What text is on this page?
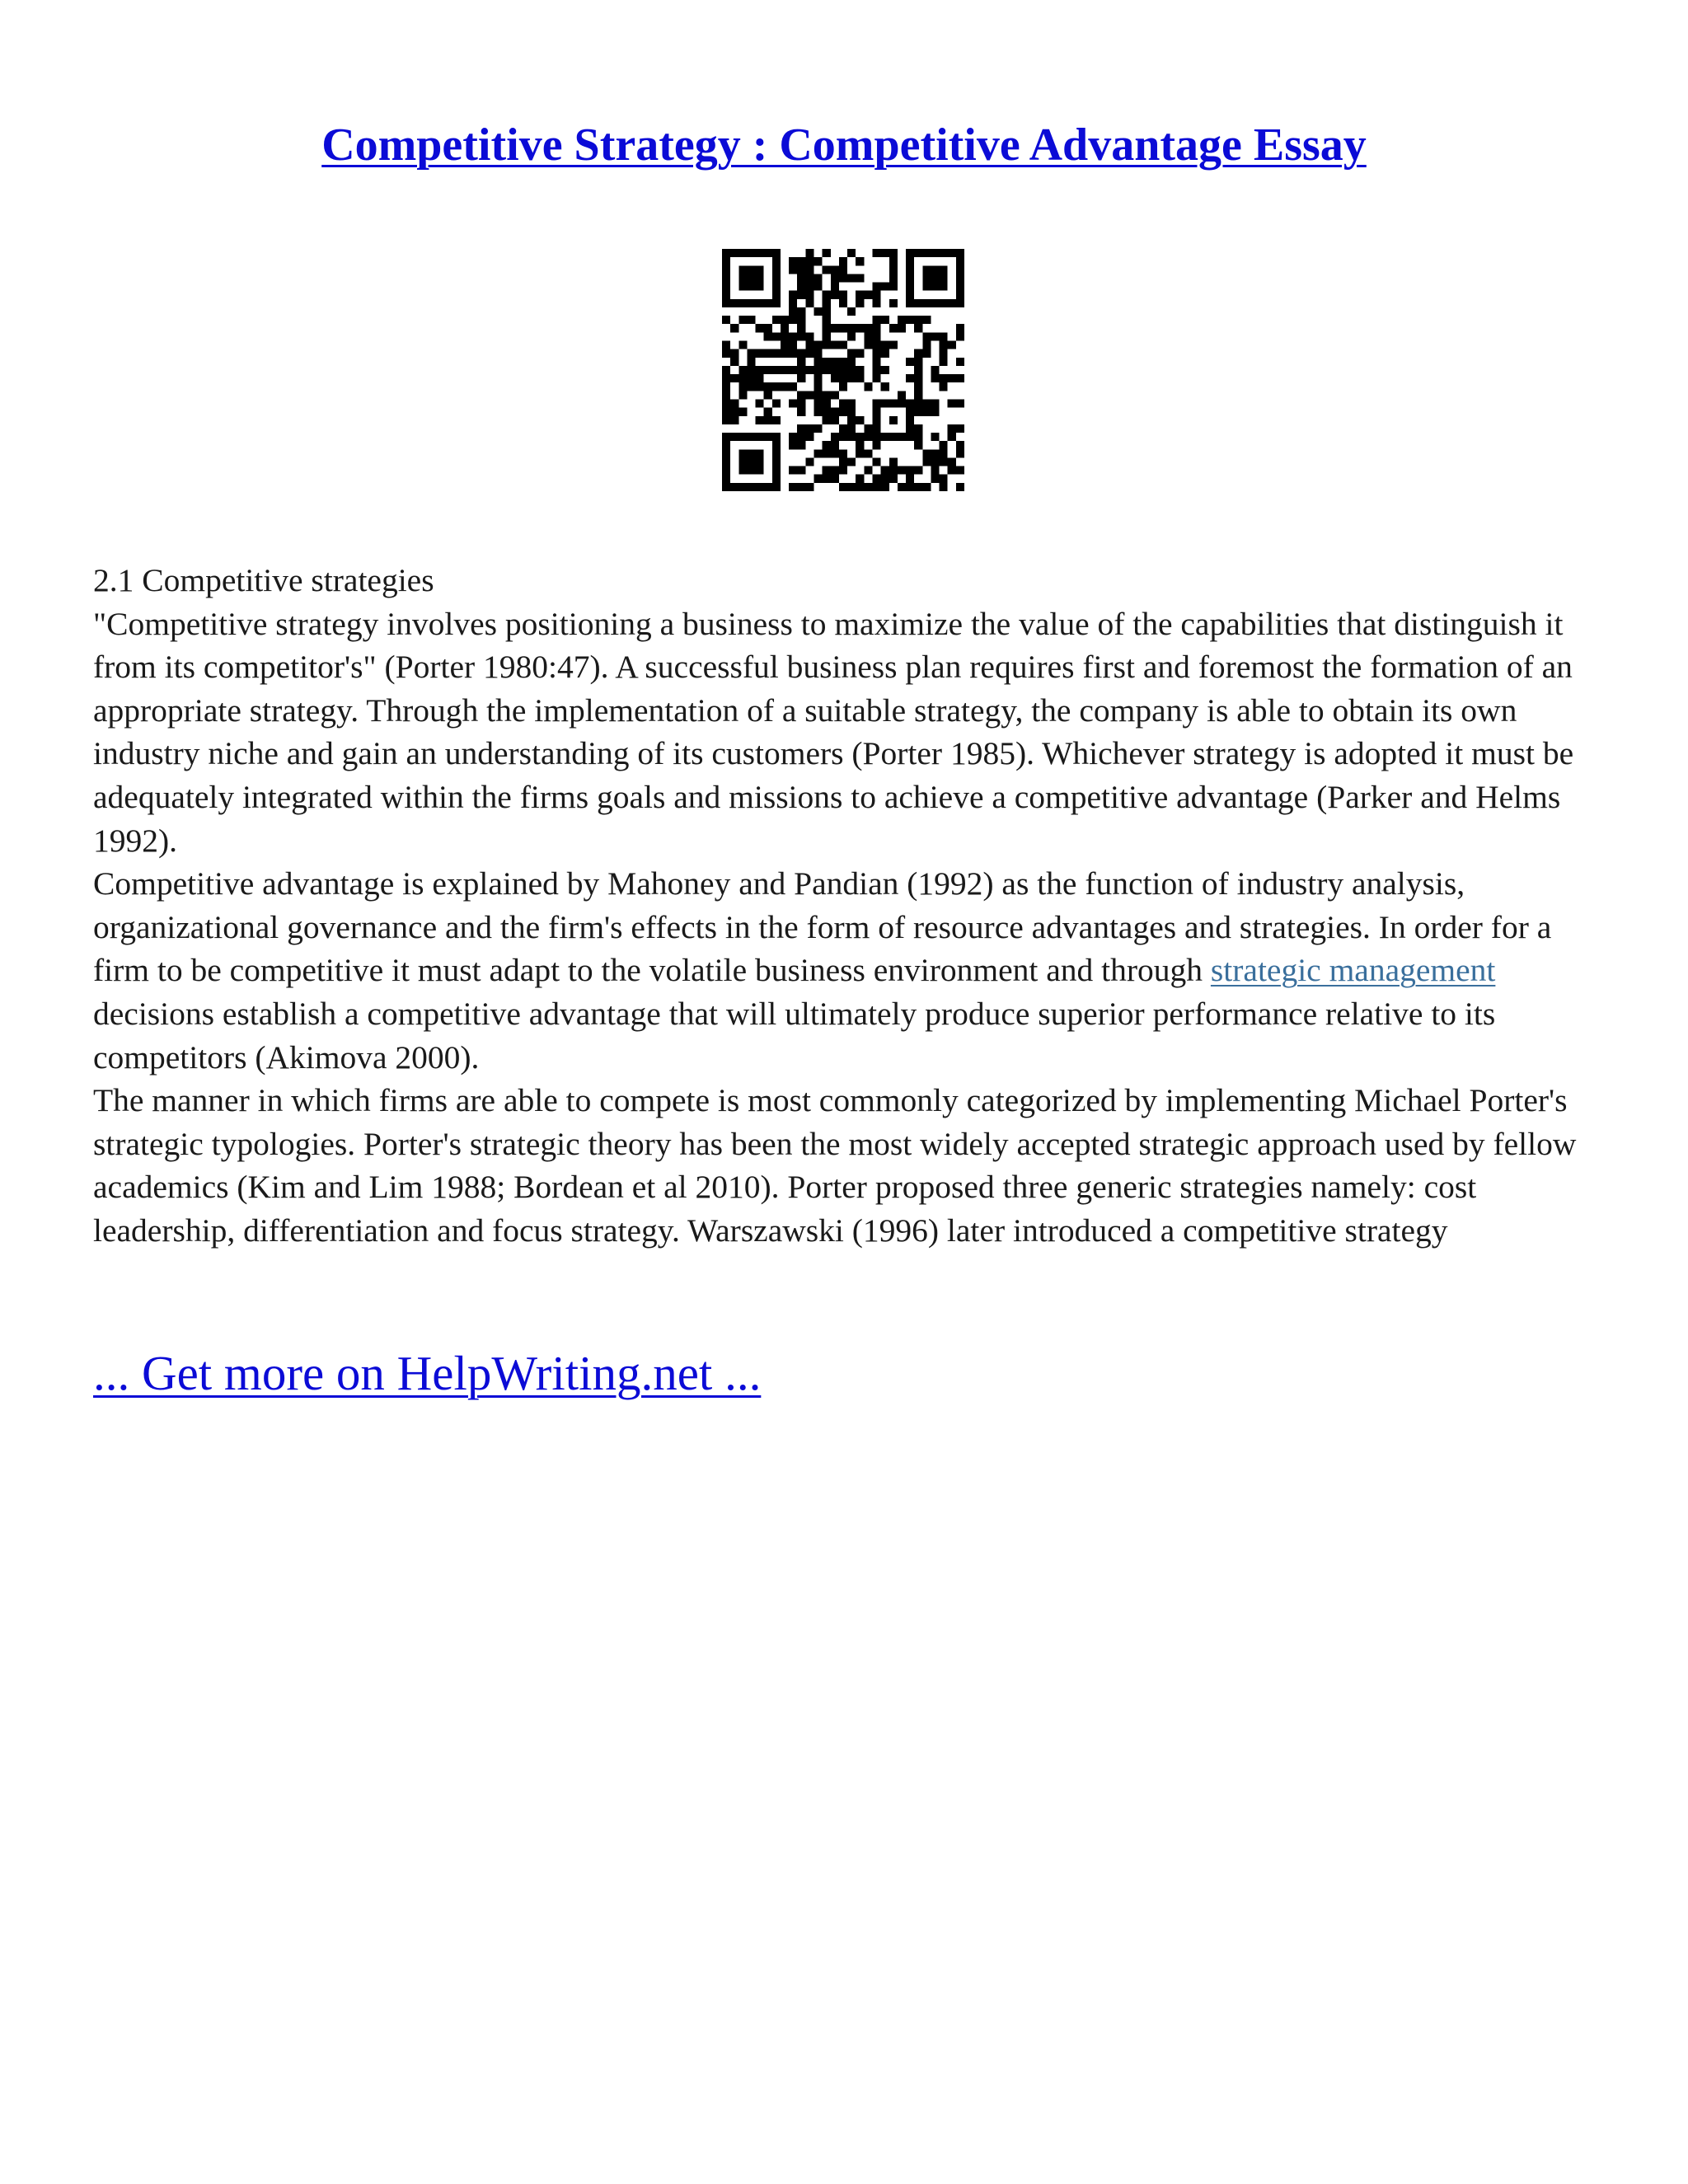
Competitive Strategy : Competitive Advantage Essay

2.1 Competitive strategies

"Competitive strategy involves positioning a business to maximize the value of the capabilities that distinguish it from its competitor's" (Porter 1980:47). A successful business plan requires first and foremost the formation of an appropriate strategy. Through the implementation of a suitable strategy, the company is able to obtain its own industry niche and gain an understanding of its customers (Porter 1985). Whichever strategy is adopted it must be adequately integrated within the firms goals and missions to achieve a competitive advantage (Parker and Helms 1992).

Competitive advantage is explained by Mahoney and Pandian (1992) as the function of industry analysis, organizational governance and the firm's effects in the form of resource advantages and strategies. In order for a firm to be competitive it must adapt to the volatile business environment and through strategic management decisions establish a competitive advantage that will ultimately produce superior performance relative to its competitors (Akimova 2000).

The manner in which firms are able to compete is most commonly categorized by implementing Michael Porter's strategic typologies. Porter's strategic theory has been the most widely accepted strategic approach used by fellow academics (Kim and Lim 1988; Bordean et al 2010). Porter proposed three generic strategies namely: cost leadership, differentiation and focus strategy. Warszawski (1996) later introduced a competitive strategy

... Get more on HelpWriting.net ...
